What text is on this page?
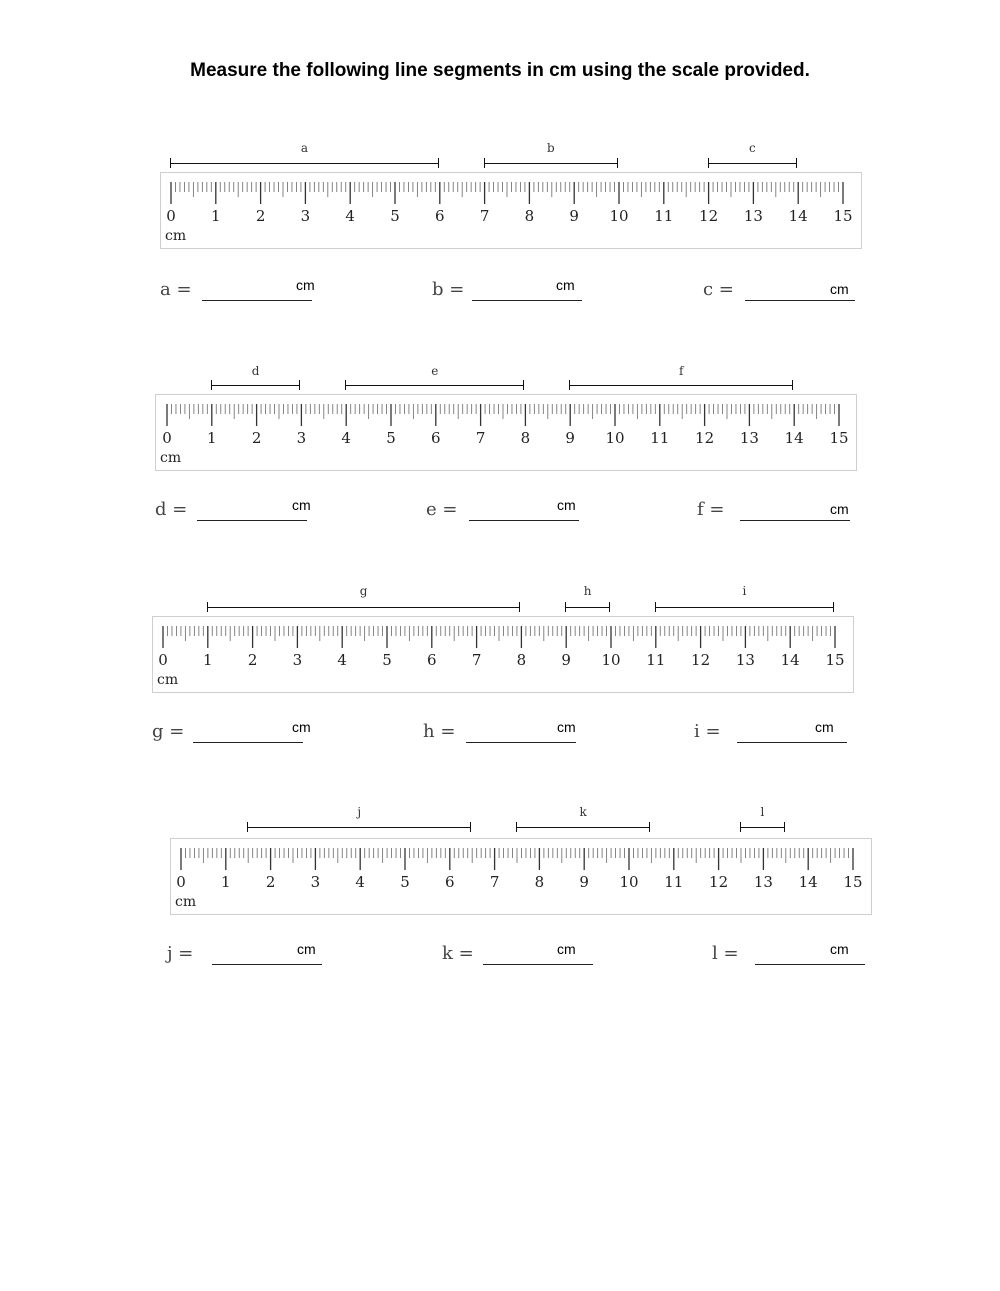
Measure the following line segments in cm using the scale provided.
a	b	c
0 1 2 3 4 5 6 7 8 9 10 11 12 13 14 15
cm
a =	cm	b =	cm	c =	cm
d	e	f
0 1 2 3 4 5 6 7 8 9 10 11 12 13 14 15
cm
d =	cm	e =	cm	f =	cm
g	h	i
0 1 2 3 4 5 6 7 8 9 10 11 12 13 14 15
cm
g =	cm	h =	cm	i =	cm
j	k	l
0 1 2 3 4 5 6 7 8 9 10 11 12 13 14 15
cm
j =	cm	k =	cm	l =	cm
